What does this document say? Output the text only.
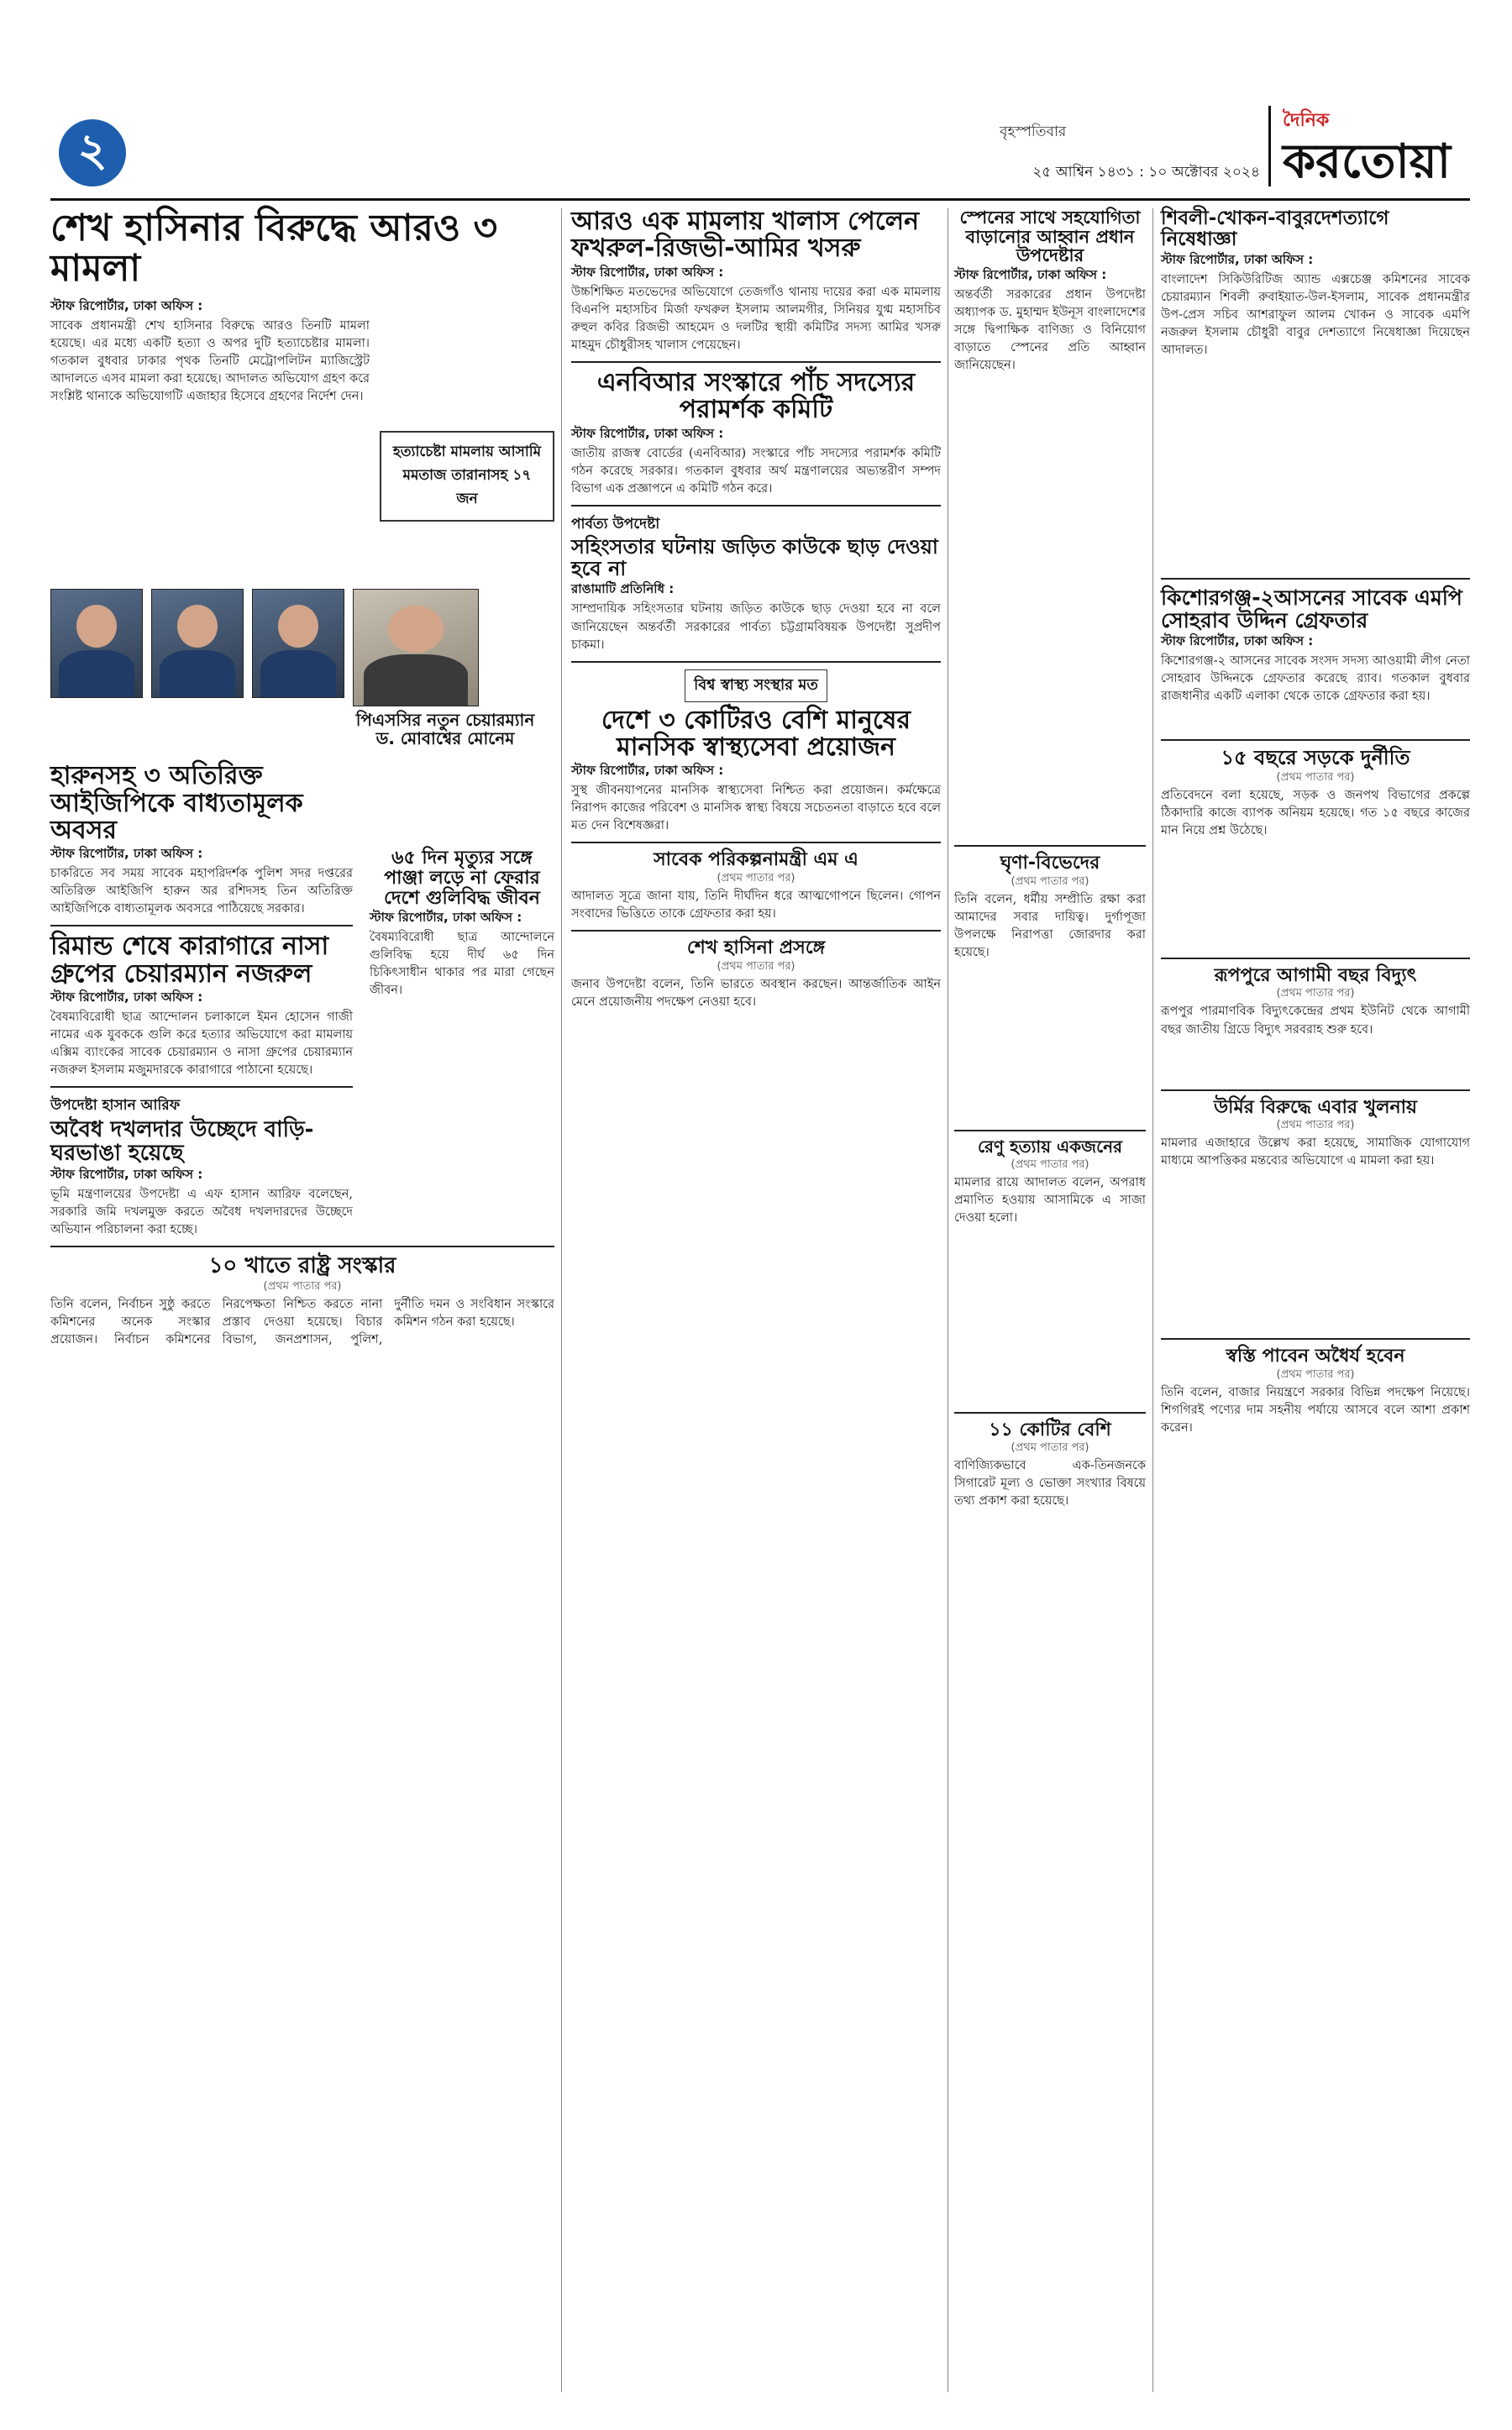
২	বৃহস্পতিবার
২৫ আশ্বিন ১৪৩১ : ১০ অক্টোবর ২০২৪
দৈনিক
করতোয়া
শেখ হাসিনার বিরুদ্ধে আরও ৩ মামলা
স্টাফ রিপোর্টার, ঢাকা অফিস :
সাবেক প্রধানমন্ত্রী শেখ হাসিনার বিরুদ্ধে আরও তিনটি মামলা হয়েছে। এর মধ্যে একটি হত্যা ও অপর দুটি হত্যাচেষ্টার মামলা। গতকাল বুধবার ঢাকার পৃথক তিনটি মেট্রোপলিটন ম্যাজিস্ট্রেট আদালতে এসব মামলা করা হয়েছে। আদালত অভিযোগ গ্রহণ করে সংশ্লিষ্ট থানাকে অভিযোগটি এজাহার হিসেবে গ্রহণের নির্দেশ দেন।

হত্যাচেষ্টা মামলায় আসামি মমতাজ তারানাসহ ১৭ জন
পিএসসির নতুন চেয়ারম্যান ড. মোবাশ্বের মোনেম
হারুনসহ ৩ অতিরিক্ত আইজিপিকে বাধ্যতামূলক অবসর
স্টাফ রিপোর্টার, ঢাকা অফিস :
চাকরিতে সব সময় সাবেক মহাপরিদর্শক পুলিশ সদর দপ্তরের অতিরিক্ত আইজিপি হারুন অর রশিদসহ তিন অতিরিক্ত আইজিপিকে বাধ্যতামূলক অবসরে পাঠিয়েছে সরকার।
রিমান্ড শেষে কারাগারে নাসা গ্রুপের চেয়ারম্যান নজরুল
স্টাফ রিপোর্টার, ঢাকা অফিস :
বৈষম্যবিরোধী ছাত্র আন্দোলন চলাকালে ইমন হোসেন গাজী নামের এক যুবককে গুলি করে হত্যার অভিযোগে করা মামলায় এক্সিম ব্যাংকের সাবেক চেয়ারম্যান ও নাসা গ্রুপের চেয়ারম্যান নজরুল ইসলাম মজুমদারকে কারাগারে পাঠানো হয়েছে।
উপদেষ্টা হাসান আরিফ
অবৈধ দখলদার উচ্ছেদে বাড়ি-ঘরভাঙা হয়েছে
স্টাফ রিপোর্টার, ঢাকা অফিস :
ভূমি মন্ত্রণালয়ের উপদেষ্টা এ এফ হাসান আরিফ বলেছেন, সরকারি জমি দখলমুক্ত করতে অবৈধ দখলদারদের উচ্ছেদে অভিযান পরিচালনা করা হচ্ছে।
১০ খাতে রাষ্ট্র সংস্কার
(প্রথম পাতার পর)
তিনি বলেন, নির্বাচন সুষ্ঠু করতে কমিশনের অনেক সংস্কার প্রয়োজন। নির্বাচন কমিশনের নিরপেক্ষতা নিশ্চিত করতে নানা প্রস্তাব দেওয়া হয়েছে। বিচার বিভাগ, জনপ্রশাসন, পুলিশ, দুর্নীতি দমন ও সংবিধান সংস্কারে কমিশন গঠন করা হয়েছে।
৬৫ দিন মৃত্যুর সঙ্গে পাঞ্জা লড়ে না ফেরার দেশে গুলিবিদ্ধ জীবন
স্টাফ রিপোর্টার, ঢাকা অফিস :
বৈষম্যবিরোধী ছাত্র আন্দোলনে গুলিবিদ্ধ হয়ে দীর্ঘ ৬৫ দিন চিকিৎসাধীন থাকার পর মারা গেছেন জীবন।
আরও এক মামলায় খালাস পেলেন ফখরুল-রিজভী-আমির খসরু
স্টাফ রিপোর্টার, ঢাকা অফিস :
উচ্চশিক্ষিত মতভেদের অভিযোগে তেজগাঁও থানায় দায়ের করা এক মামলায় বিএনপি মহাসচিব মির্জা ফখরুল ইসলাম আলমগীর, সিনিয়র যুগ্ম মহাসচিব রুহুল কবির রিজভী আহমেদ ও দলটির স্থায়ী কমিটির সদস্য আমির খসরু মাহমুদ চৌধুরীসহ খালাস পেয়েছেন।
এনবিআর সংস্কারে পাঁচ সদস্যের পরামর্শক কমিটি
স্টাফ রিপোর্টার, ঢাকা অফিস :
জাতীয় রাজস্ব বোর্ডের (এনবিআর) সংস্কারে পাঁচ সদস্যের পরামর্শক কমিটি গঠন করেছে সরকার। গতকাল বুধবার অর্থ মন্ত্রণালয়ের অভ্যন্তরীণ সম্পদ বিভাগ এক প্রজ্ঞাপনে এ কমিটি গঠন করে।
পার্বত্য উপদেষ্টা
সহিংসতার ঘটনায় জড়িত কাউকে ছাড় দেওয়া হবে না
রাঙামাটি প্রতিনিধি :
সাম্প্রদায়িক সহিংসতার ঘটনায় জড়িত কাউকে ছাড় দেওয়া হবে না বলে জানিয়েছেন অন্তর্বর্তী সরকারের পার্বত্য চট্টগ্রামবিষয়ক উপদেষ্টা সুপ্রদীপ চাকমা।
বিশ্ব স্বাস্থ্য সংস্থার মত
দেশে ৩ কোটিরও বেশি মানুষের মানসিক স্বাস্থ্যসেবা প্রয়োজন
স্টাফ রিপোর্টার, ঢাকা অফিস :
সুস্থ জীবনযাপনের মানসিক স্বাস্থ্যসেবা নিশ্চিত করা প্রয়োজন। কর্মক্ষেত্রে নিরাপদ কাজের পরিবেশ ও মানসিক স্বাস্থ্য বিষয়ে সচেতনতা বাড়াতে হবে বলে মত দেন বিশেষজ্ঞরা।
সাবেক পরিকল্পনামন্ত্রী এম এ
(প্রথম পাতার পর)
আদালত সূত্রে জানা যায়, তিনি দীর্ঘদিন ধরে আত্মগোপনে ছিলেন। গোপন সংবাদের ভিত্তিতে তাকে গ্রেফতার করা হয়।
শেখ হাসিনা প্রসঙ্গে
(প্রথম পাতার পর)
জনাব উপদেষ্টা বলেন, তিনি ভারতে অবস্থান করছেন। আন্তর্জাতিক আইন মেনে প্রয়োজনীয় পদক্ষেপ নেওয়া হবে।
স্পেনের সাথে সহযোগিতা বাড়ানোর আহ্বান প্রধান উপদেষ্টার
স্টাফ রিপোর্টার, ঢাকা অফিস :
অন্তর্বর্তী সরকারের প্রধান উপদেষ্টা অধ্যাপক ড. মুহাম্মদ ইউনূস বাংলাদেশের সঙ্গে দ্বিপাক্ষিক বাণিজ্য ও বিনিয়োগ বাড়াতে স্পেনের প্রতি আহ্বান জানিয়েছেন।
ঘৃণা-বিভেদের
(প্রথম পাতার পর)
তিনি বলেন, ধর্মীয় সম্প্রীতি রক্ষা করা আমাদের সবার দায়িত্ব। দুর্গাপূজা উপলক্ষে নিরাপত্তা জোরদার করা হয়েছে।
রেণু হত্যায় একজনের
(প্রথম পাতার পর)
মামলার রায়ে আদালত বলেন, অপরাধ প্রমাণিত হওয়ায় আসামিকে এ সাজা দেওয়া হলো।
১১ কোটির বেশি
(প্রথম পাতার পর)
বাণিজ্যিকভাবে এক-তিনজনকে সিগারেট মূল্য ও ভোক্তা সংখ্যার বিষয়ে তথ্য প্রকাশ করা হয়েছে।
শিবলী-খোকন-বাবুরদেশত্যাগে নিষেধাজ্ঞা
স্টাফ রিপোর্টার, ঢাকা অফিস :
বাংলাদেশ সিকিউরিটিজ অ্যান্ড এক্সচেঞ্জ কমিশনের সাবেক চেয়ারম্যান শিবলী রুবাইয়াত-উল-ইসলাম, সাবেক প্রধানমন্ত্রীর উপ-প্রেস সচিব আশরাফুল আলম খোকন ও সাবেক এমপি নজরুল ইসলাম চৌধুরী বাবুর দেশত্যাগে নিষেধাজ্ঞা দিয়েছেন আদালত।
কিশোরগঞ্জ-২আসনের সাবেক এমপি সোহরাব উদ্দিন গ্রেফতার
স্টাফ রিপোর্টার, ঢাকা অফিস :
কিশোরগঞ্জ-২ আসনের সাবেক সংসদ সদস্য আওয়ামী লীগ নেতা সোহরাব উদ্দিনকে গ্রেফতার করেছে র‍্যাব। গতকাল বুধবার রাজধানীর একটি এলাকা থেকে তাকে গ্রেফতার করা হয়।
১৫ বছরে সড়কে দুর্নীতি
(প্রথম পাতার পর)
প্রতিবেদনে বলা হয়েছে, সড়ক ও জনপথ বিভাগের প্রকল্পে ঠিকাদারি কাজে ব্যাপক অনিয়ম হয়েছে। গত ১৫ বছরে কাজের মান নিয়ে প্রশ্ন উঠেছে।
রূপপুরে আগামী বছর বিদ্যুৎ
(প্রথম পাতার পর)
রূপপুর পারমাণবিক বিদ্যুৎকেন্দ্রের প্রথম ইউনিট থেকে আগামী বছর জাতীয় গ্রিডে বিদ্যুৎ সরবরাহ শুরু হবে।
উর্মির বিরুদ্ধে এবার খুলনায়
(প্রথম পাতার পর)
মামলার এজাহারে উল্লেখ করা হয়েছে, সামাজিক যোগাযোগ মাধ্যমে আপত্তিকর মন্তব্যের অভিযোগে এ মামলা করা হয়।
স্বস্তি পাবেন অধৈর্য হবেন
(প্রথম পাতার পর)
তিনি বলেন, বাজার নিয়ন্ত্রণে সরকার বিভিন্ন পদক্ষেপ নিয়েছে। শিগগিরই পণ্যের দাম সহনীয় পর্যায়ে আসবে বলে আশা প্রকাশ করেন।
